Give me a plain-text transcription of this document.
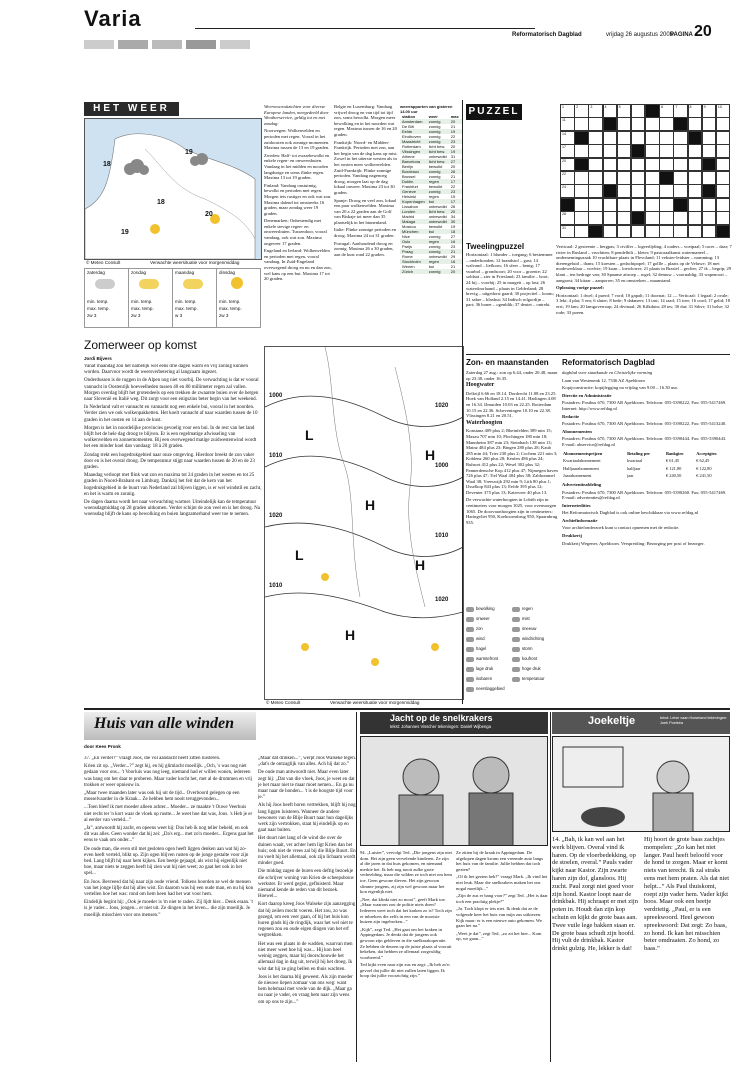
Varia
Reformatorisch Dagblad	vrijdag 26 augustus 2005
PAGINA 20
HET WEER
18
19
18
20
19
© Meteo Consult	Verwachte weersituatie voor morgenmiddag
zaterdag
min. temp.
max. temp.
zw 3
zondag
min. temp.
max. temp.
zw 3
maandag
min. temp.
max. temp.
w 3
dinsdag
min. temp.
max. temp.
zw 3

Weersvooruitzichten voor diverse Europese landen, meegedeeld door Weatherservice, geldig tot en met zondag:

Noorwegen: Wolkenvelden en perioden met regen. Vooral in het zuidoosten ook zonnige momenten. Maxima tussen de 13 en 19 graden.

Zweden: Half- tot zwaarbewolkt en enkele regen- en onweersbuien. Vandaag in het midden en noorden langdurige en soms flinke regen. Maxima 13 tot 19 graden.

Finland: Vandaag onstuimig, bewolkt en perioden met regen. Morgen iets rustiger en ook wat zon. Maxima dalend tot omstreeks 16 graden, maar zondag weer 19 graden.

Denemarken: Onbestendig met enkele stevige regen- en onweersbuien. Tussendoor, vooral vandaag, ook wat zon. Maxima ongeveer 17 graden.

Engeland en Ierland: Wolkenvelden en perioden met regen, vooral vandaag. In Zuid-Engeland overwegend droog en nu en dan zon, wel kans op een bui. Maxima 17 tot 20 graden.

Belgie en Luxemburg: Vandaag vrijwel droog en van tijd tot tijd zon, soms bewolkt. Morgen meer bewolking en in het noorden wat regen. Maxima tussen de 16 en 20 graden.

Frankrijk: Noord- en Midden-Frankrijk. Perioden met zon, aan het begin van de dag kans op mist. Zowel in het uiterste westen als in het oosten meer wolkenvelden. Zuid-Frankrijk: Flinke zonnige perioden. Vandaag nagenoeg droog, morgen laat op de dag lokaal onweer. Maxima 23 tot 30 graden.

Spanje: Droog en veel zon, lokaal een paar wolkenvelden. Maxima van 20 a 22 graden aan de Golf van Biskaje tot meer dan 35 plaatselijk in het binnenland.

Italie: Flinke zonnige perioden en droog. Maxima 24 tot 31 graden.

Portugal: Aanhoudend droog en zonnig. Maxima 26 a 30 graden, aan de kust rond 22 graden.

Zomerweer op komst
Jordi Bijvers

Vanaf maandag zou het namelijk wel eens drie dagen warm en vrij zonnig kunnen worden. Daarvoor wordt de weersverbetering al langzaam ingezet.

Onderdussen is de ruggen in de Alpen nog niet voorbij. De verwachting is dat er vooral vannacht in Oostenrijk hoeveelheden tussen 40 en 80 millimeter regen zal vallen. Morgen overdag blijft het grotendeels op een trekken de zwaarste buien over de bergen naar Slovenië en Italië weg. Dit zorgt voor een enigszins beter begin van het weekend.

In Nederland valt er vannacht en vannacht nog een enkele bui, vooral in het noorden. Verder zien we ook wolkenpakketten. Het koelt vannacht af naar waarden tussen de 10 graden in het oosten en 14 aan de kust.

Morgen is het in noordelijke provincies gevoelig voor een bui. In de rest van het land blijft het de hele dag droog te blijven. Er is een regelmatige afwisseling van wolkenvelden en zonnemomenten. Bij een overwegend matige zuidwestenwind wordt het een minder koel dan vandaag: 18 à 20 graden.

Zondag trekt een hogedrukgebied naar onze omgeving. Hierdoor breekt de zon vaker door en is het overal droog. De temperatuur stijgt naar waarden tussen de 20 en de 23 graden.

Maandag verloopt met flink wat zon en maxima tot 24 graden in het westen en tot 25 graden in Noord-Brabant en Limburg. Dankzij het feit dat de kern van het hogedrukgebied in de buurt van Nederland zal blijven liggen, is er wel windstil en zacht, en het is warm en zonnig.

De dagen daarna wordt het naar verwachting warmer. Uiteindelijk kan de temperatuur woensdagmiddag op 28 graden uitkomen. Verder schijnt de zon veel en is het droog. Na woensdag blijft de kans op bewolking en buien langzamerhand weer toe te nemen.

1000
1010
1020
1010
1020
1000
1010
1020
L
H
H
L
H
H
© Meteo Consult	Verwachte weersituatie voor morgenmiddag
PUZZEL	1	2	3	4	5	6	7	8	9	10
11
14
17
20
22
24
28
31
Tweelingpuzzel

Horizontaal: 1 blunder – toegang; 6 bestemmer – onderbonden; 12 brandstof – gast; 14 walvand – liefkoos; 16 sfeer – benig; 17 vuurbol – grondsoort; 20 voor – groente; 22 soldaat – zier in Friesland; 23 familie – boot; 24 bij – voorbij; 25 in margeit – op last; 26 waterdoorlaand – plaats in Gelderland; 28 brevig – uitgedorst gaard; 30 projectiel – boom; 31 sabre – klaxhut; 34 Indisch rolgordijn – part; 36 honer – ogenblik; 37 deutet – ontrekt.

Verticaal: 2 gesteente – bergpas; 3 civilfer – logeerlijding; 4 ouders – voetpaal; 5 racer – daar; 7 rivier in Rusland – vruchtten; 8 pendelhilt – kleter; 9 pastoraalkunst watermaneel – onderneminguzaak 10 vruchtbare plaats in Flevoland; 11 vekster-leidster – nomming; 13 dierengeluid – thans; 15 koesten – gedachtpopel; 17 gollle – plaats op de Veluwe; 18 met modewerklaar – voelvie; 19 koan – loewlorrer; 21 plaats in Brasiel – geclier; 27 ik – begrip; 29 klant – ten bedrage van; 30 Spaanse aitroep – rogel; 32 demuw – voornaldig; 33 wapenoort – aangaost; 34 kitaar – aanporrer; 35 en omstreken – maanstand.

Oplossing vorige puzzel:

Horizontaal: 1 dwel; 4 puerd; 7 vord; 10 gapalt; 11 doornat; 12 — Verticaal: 1 legaal; 2 ovale; 3 lekt; 4 plat; 5 ern; 6 sluier; 8 bede; 9 dakmeer; 13 tast; 14 raad; 15 toer; 16 oord; 17 gelid; 18 erst; 19 lam; 20 lamgoverroap; 24 divinaal; 26 Kilkduin; 28 tes; 30 dut; 31 Sibvr; 31 bolse; 32 rode; 33 poeen.

Zon- en maanstanden

Zaterdag 27 aug.: zon op 6.44, onder 20.48, maan op 23.38, onder 16.35.

Hoogwater

Delfzijl 6.66 en 18.14. Dordrecht 11.08 en 23.25. Hoek van Holland 2.15 en 14.41. Harlingen 4.08 en 16.34. IJmuiden 10.03 en 22.25. Rotterdam 10.15 en 22.36. Scheveningen 10.10 en 22.38. Vlissingen 8.21 en 20.51.

Waterhoogten

Konstanz 409 plus 2; Rheinfelden 389 min 15; Maxau 707 min 10; Plochingen 180 min 18; Mannheim 387 min 23; Steinbach 138 min 13; Mainz 484 plus 23; Bingen 280 plus 28; Kaub 285 min 44; Trier 230 plus 2; Cochem 221 min 3; Koblenz 260 plus 28; Keulen 486 plus 24; Ruhrort 412 plus 22; Wesel 302 plus 32; Pannerdensche Kop 412 plus 47; Nijmegen haven 726 plus 47; Tiel Waal 404 plus 38; Zaltbommel Waal 38; Vreeswijk 292 min 9; Lith 80 plus 1; IJsselkop 843 plus 13; Eefde 395 plus 12; Deventer 375 plus 13; Katerveer 40 plus 13.

De verwachte waterhoogten in Lobith zijn in centimeters voor morgen 1025, voor overmorgen 1065. De doorvaarthoogten zijn in centimeters: Haringvliet 950, Koehoornsbrug 950, Spaarnbrug 935.

bewolking	regen
onweer	mist
zon	sneeuw
wind	windrichting
hagel	storm
warmtefront	koufront
lage druk	hoge druk
isobaren	temperatuur
neerslaggebied
Reformatorisch Dagblad

dagblad voor staatkunde en Christelijke vorming

Laan van Westenenk 12, 7336 AZ Apeldoorn

Kopijconstructie: kopijlegging na vrijdag van 9.00 – 16.30 uur.

Directie en Administratie

Postadres: Postbus 670, 7300 AR Apeldoorn. Telefoon: 055-5390222, Fax: 055-5417469. Internet: http://www.refdag.nl

Redactie

Postadres: Postbus 670, 7300 AR Apeldoorn. Telefoon: 055-5390222, Fax: 055-5413240.

Abonnementen

Postadres: Postbus 670, 7300 AR Apeldoorn. Telefoon: 055-5390444. Fax: 055-5390443. E-mail: abservice@refdag.nl

Abonnementsprijzen	Betaling per	Bankgiro	Acceptgiro
Kwartaalabonnement	kwartaal	€ 61,45	€ 62,45
Halfjaarabonnement	halfjaar	€ 121,80	€ 122,80
Jaarabonnement	jaar	€ 240,50	€ 241,50

Advertentieafdeling

Postadres: Postbus 670, 7300 AR Apeldoorn. Telefoon: 055-5390260. Fax: 055-5417469. E-mail: advertenties@refdag.nl

Internetedities

Het Reformatorisch Dagblad is ook online beschikbaar via www.refdag.nl

Archiefinformatie

Voor archiefonderzoek kunt u contact opnemen met de redactie.

Drukkerij

Drukkerij Wegener, Apeldoorn. Verspreiding: Bezorging per post of bezorger.

Huis van alle winden
door Kees Pronk

37. „En verder?” vraagt Joos, die vol aandacht heeft zitten luisteren.

Krien zit op. „Verder...?” zegt hij, en hij glimlacht moeilijk. „Och, 's was nog niet gedaan voor ons... 't Voorluis was nog leeg, niemand had er willen wonen, iedereen was bang om het daar te proberen. Maar vader kocht het, met al de drommen en vrij trokken er weer opnieuw in.

„Maar twee maanden later was ook hij uit de tijd... Overboord gelegen op een mosselvaarder in de Kraak... Ze hebben hem nooit teruggevonden...

...Toen bleef ik met moeder alleen achter... Moeder... ze maakte 't Ouwe Veerhuis niet recht ter 'n kort waar de vloek op rustte... Je weet hoe dat was, Joos. 's Heb je er al eerder van verteld...”

„Ja”, antwoordt hij zacht, en opeens weet hij: Dus heb ik nog teller beheld, en ook dit was alles. Geen wonder dat hij zei: „Da's erg... met zo'n moeder... Ergens gaat het eens te vaak om onder...”

De oude man, die even stil met gesloten ogen heeft liggen denken aan wat hij zo-even heeft verteld, blikt op. Zijn ogen blijven rusten op de jonge gestalte voor zijn bed. Lang blijft hij naar hem kijken. Een beetje gejaagd, als wist hij eigenlijk niet hoe, maar niets te zeggen heeft hij zien wat hij niet weet; zo gaat het ook in het spel...

En Joos. Bevreesd dat hij naar zijn oude vriend. Tolkens hoorden ze wel de mensen van het jonge lijfje dat hij alles wist. En daarom was hij een oude man, en nu hij kon vertellen hoe het was: rond om hem heen had het wat voor hem.

Eindelijk begint hij: „Ook je moeder is 'm niet te raden. Zij lijdt hier... Denk eraan. 't is je vader... Joos, jongen... er niet uit. Ze dingen in het leven... die zijn moeilijk. Je moeilijk misschien voor ons mensen.”

„Maar dat drinken...”, werpt Joos Walseke tegen. „dat's de ontzaglijk van alles. Ach hij dat zo.”

De oude man antwoordt niet. Maar even later zegt hij: „Dat van die vloek, Joos, je weet en dat je het maar niet te maar moet nemen... En ga nu maar naar de honden... 't is de hoogste tijd voor je.”

Als hij Joos heeft horen vertrekken, blijft hij nog lang liggen luisteren. Wanneer de andere bewoners van de Blije Buurt naar hun dagelijks werk zijn vertrokken, staat hij eindelijk op en gaat naar buiten.

Het duurt niet lang of de wind die over de duinen waait, ver achter hem ligt Krien dan het huis; ook niet de vrees zal bij die Blije Buurt. En nu voelt hij het allemaal, ook zijn lichaam wordt minder goed.

Die middag zagen de buren een deftig bezoekje die schrijver woning van Krien de scheepsbouw werkster. Er werd gegist, gefluisterd. Maar niemand kende de reden van dit bezoek. Hoewel...

Kort daarop kreeg Joos Walseke zijn aanzegging dat hij zeilen mocht voeren. Het zou, zo was gezegd, om een veer gaan, of hij het huis kon huren ginds bij de ringdijk, waar het wel niet te regenen zou en oude eigen dingen van het erf wegtrekken.

Het was een plaats in de wadden, waarvan men niet meer weet hoe hij was... Hij kon heel weinig zeggen, maar hij doorschouwde het allemaal dag in dag uit, terwijl hij het droeg. Ik wist dat hij ze ging bellen en thuis wachten.

Joos is het daarna blij geweest. Als zijn moeder de nieuwe liepen zomaar van ons weg: want hem helemaal met vrede van de dijk. „Maar ga nu naar je vader, en vraag hem naar zijn wens om op ons te zijn...”

Jacht op de snelkrakers
tekst: Johannes Visscher tekeningen: Daniël Wijbenga

94. „Luister”, vervolgt Ted. „Die jongens zijn niet dom. Het zijn geen vervelende kinderen. Ze zijn al die jaren in dat huis gekomen, en niemand merkte het. Ik heb nog nooit zulke grote verbeelding, maar die wilden ze toch niet om hem toe. Geen gewone dieven. Het zijn gewoon slimme jongens, zij zijn wel gewoon maar het kon eigenlijk niet.

„Nee, dat klinkt niet zo mooi”, geeft Mark toe. „Maar waarom zou de politie niets doen? Iedereen weet toch dat het kraken zo is? Toch zijn er inbrekers die zelfs in een van de mooiste huizen zijn ingebroken...”

„Kijk”, zegt Ted. „Het gaat om het kraken in Appingedam. Je denkt dat de jongens ook gewoon zijn gebleven in die snelkraakoperatie. Ze hebben de deuren op de juiste plaats al vooruit bekeken, dat hebben ze allemaal zorgvuldig voorbereid.”

Ted kijkt even naar zijn zus en zegt: „Ik heb zo'n gevoel dat jullie dit niet zullen laten liggen. Ik hoop dat jullie voorzichtig zijn.”

Ze zitten bij de kraak in Appingedam. De afgelopen dagen kwam een vreemde auto langs het huis van de familie. Jullie hebben dat toch gezien?

„Of ik het gezien heb?” vraagt Mark. „Ik vind het niet leuk. Maar die snelkrakers maken het ons nogal moeilijk...”

„Zijn de zus er bang voor?” zegt Ted. „Het is daar toch een prachtig plekje?”

„Ja. Toch klopt er iets niet. Ik denk dat ze de volgende keer het huis van mijn zus uitkiezen. Kijk maar: er is een nieuwe auto gekomen. We gaan het na.”

„Weet je dat”, zegt Ted, „zo zit het hier... Kom op, we gaan...”

Joekeltje	tekst: Leise vaan Howeland tekeningen: Joek Poelstra

14. „Bah, ik kan wel aan het werk blijven. Overal vind ik haren. Op de vloerbedekking, op de stoelen, overal.” Pauls vader kijkt naar Kastor. Zijn zwarte haren zijn dof, glansloos. Hij zucht. Paul zorgt niet goed voor zijn hond. Kastor loopt naar de drinkbak. Hij schraapt er met zijn poten in. Houdt dan zijn kop schuin en kijkt de grote baas aan. Twee vuile lege bakken staan er. De grote baas schudt zijn hoofd. Hij vult de drinkbak. Kastor drinkt gulzig. He, lekker is dat!

Hij hoort de grote baas zachtjes mompelen: „Zo kan het niet langer. Paul heeft beloofd voor de hond te zorgen. Maar er komt niets van terecht. Ik zal straks eens met hem praten. Als dat niet helpt...” Als Paul thuiskomt, roept zijn vader hem. Vader kijkt boos. Maar ook een beetje verdrietig. „Paul, er is een spreekwoord. Heel gewoon spreekwoord: Dat zegt: Zo baas, zo hond. Ik kan het misschien beter omdraaien. Zo hond, zo baas.”

weerrapporten van gisteren 14.00 uur
station	weer	max		
Amsterdam	zonnig	20		
De Bilt	zonnig	21		
Eelde	zonnig	19		
Eindhoven	zonnig	22		
Maastricht	zonnig	23		
Rotterdam	licht bew.	20		
Vlissingen	licht bew.	19		
Athene	onbewolkt	31		
Barcelona	licht bew.	27		
Berlijn	bewolkt	20		
Bordeaux	zonnig	26		
Brussel	zonnig	21		
Dublin	regen	17		
Frankfurt	bewolkt	22		
Genève	zonnig	23		
Helsinki	regen	15		
Kopenhagen	bui	17		
Lissabon	onbewolkt	26		
Londen	licht bew.	20		
Madrid	onbewolkt	34		
Malaga	onbewolkt	30		
Moskou	bewolkt	19		
München	bui	18		
Nice	zonnig	27		
Oslo	regen	16		
Parijs	zonnig	23		
Praag	zonnig	21		
Rome	onbewolkt	29		
Stockholm	regen	16		
Wenen	bui	21		
Zürich	zonnig	20		
